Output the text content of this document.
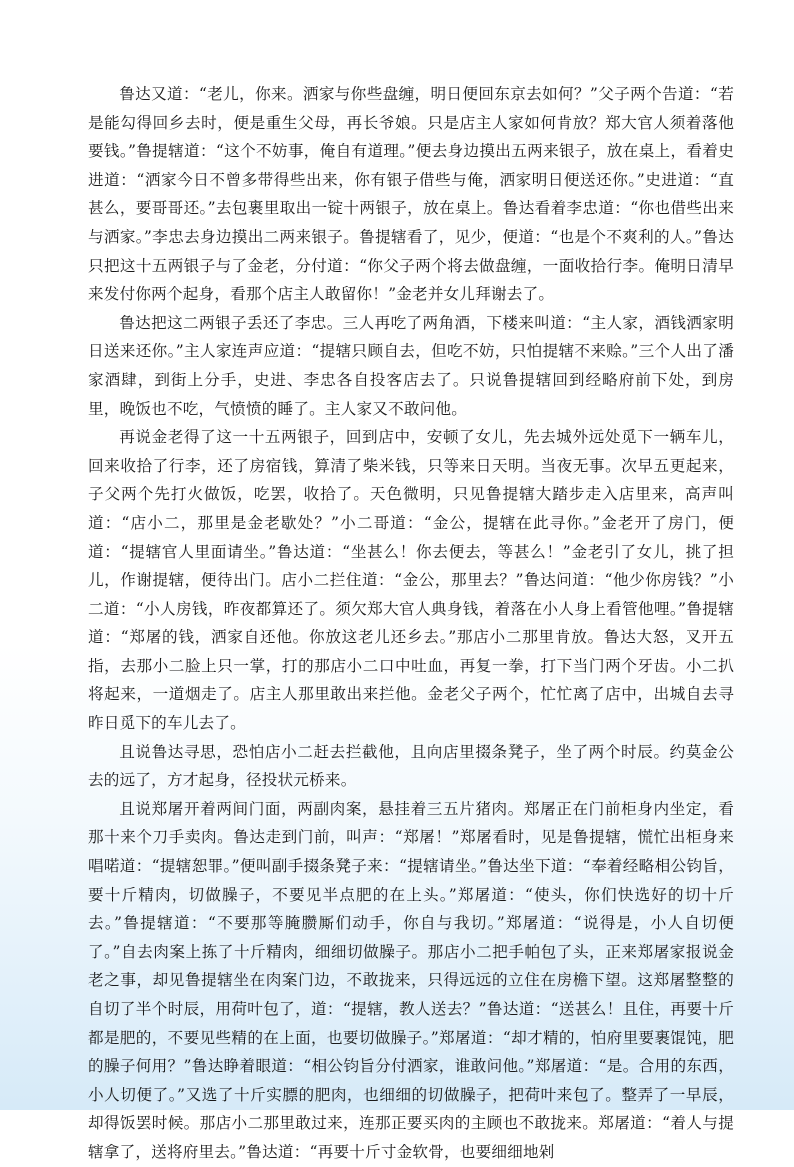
鲁达又道：“老儿，你来。洒家与你些盘缠，明日便回东京去如何？”父子两个告道：“若是能勾得回乡去时，便是重生父母，再长爷娘。只是店主人家如何肯放？郑大官人须着落他要钱。”鲁提辖道：“这个不妨事，俺自有道理。”便去身边摸出五两来银子，放在桌上，看着史进道：“洒家今日不曾多带得些出来，你有银子借些与俺，洒家明日便送还你。”史进道：“直甚么，要哥哥还。”去包裹里取出一锭十两银子，放在桌上。鲁达看着李忠道：“你也借些出来与洒家。”李忠去身边摸出二两来银子。鲁提辖看了，见少，便道：“也是个不爽利的人。”鲁达只把这十五两银子与了金老，分付道：“你父子两个将去做盘缠，一面收拾行李。俺明日清早来发付你两个起身，看那个店主人敢留你！”金老并女儿拜谢去了。

鲁达把这二两银子丢还了李忠。三人再吃了两角酒，下楼来叫道：“主人家，酒钱洒家明日送来还你。”主人家连声应道：“提辖只顾自去，但吃不妨，只怕提辖不来赊。”三个人出了潘家酒肆，到街上分手，史进、李忠各自投客店去了。只说鲁提辖回到经略府前下处，到房里，晚饭也不吃，气愤愤的睡了。主人家又不敢问他。

再说金老得了这一十五两银子，回到店中，安顿了女儿，先去城外远处觅下一辆车儿，回来收拾了行李，还了房宿钱，算清了柴米钱，只等来日天明。当夜无事。次早五更起来，子父两个先打火做饭，吃罢，收拾了。天色微明，只见鲁提辖大踏步走入店里来，高声叫道：“店小二，那里是金老歇处？”小二哥道：“金公，提辖在此寻你。”金老开了房门，便道：“提辖官人里面请坐。”鲁达道：“坐甚么！你去便去，等甚么！”金老引了女儿，挑了担儿，作谢提辖，便待出门。店小二拦住道：“金公，那里去？”鲁达问道：“他少你房钱？”小二道：“小人房钱，昨夜都算还了。须欠郑大官人典身钱，着落在小人身上看管他哩。”鲁提辖道：“郑屠的钱，洒家自还他。你放这老儿还乡去。”那店小二那里肯放。鲁达大怒，叉开五指，去那小二脸上只一掌，打的那店小二口中吐血，再复一拳，打下当门两个牙齿。小二扒将起来，一道烟走了。店主人那里敢出来拦他。金老父子两个，忙忙离了店中，出城自去寻昨日觅下的车儿去了。

且说鲁达寻思，恐怕店小二赶去拦截他，且向店里掇条凳子，坐了两个时辰。约莫金公去的远了，方才起身，径投状元桥来。

且说郑屠开着两间门面，两副肉案，悬挂着三五片猪肉。郑屠正在门前柜身内坐定，看那十来个刀手卖肉。鲁达走到门前，叫声：“郑屠！”郑屠看时，见是鲁提辖，慌忙出柜身来唱喏道：“提辖恕罪。”便叫副手掇条凳子来：“提辖请坐。”鲁达坐下道：“奉着经略相公钧旨，要十斤精肉，切做臊子，不要见半点肥的在上头。”郑屠道：“使头，你们快选好的切十斤去。”鲁提辖道：“不要那等腌臜厮们动手，你自与我切。”郑屠道：“说得是，小人自切便了。”自去肉案上拣了十斤精肉，细细切做臊子。那店小二把手帕包了头，正来郑屠家报说金老之事，却见鲁提辖坐在肉案门边，不敢拢来，只得远远的立住在房檐下望。这郑屠整整的自切了半个时辰，用荷叶包了，道：“提辖，教人送去？”鲁达道：“送甚么！且住，再要十斤都是肥的，不要见些精的在上面，也要切做臊子。”郑屠道：“却才精的，怕府里要裹馄饨，肥的臊子何用？”鲁达睁着眼道：“相公钧旨分付洒家，谁敢问他。”郑屠道：“是。合用的东西，小人切便了。”又选了十斤实膘的肥肉，也细细的切做臊子，把荷叶来包了。整弄了一早辰，却得饭罢时候。那店小二那里敢过来，连那正要买肉的主顾也不敢拢来。郑屠道：“着人与提辖拿了，送将府里去。”鲁达道：“再要十斤寸金软骨，也要细细地剁
